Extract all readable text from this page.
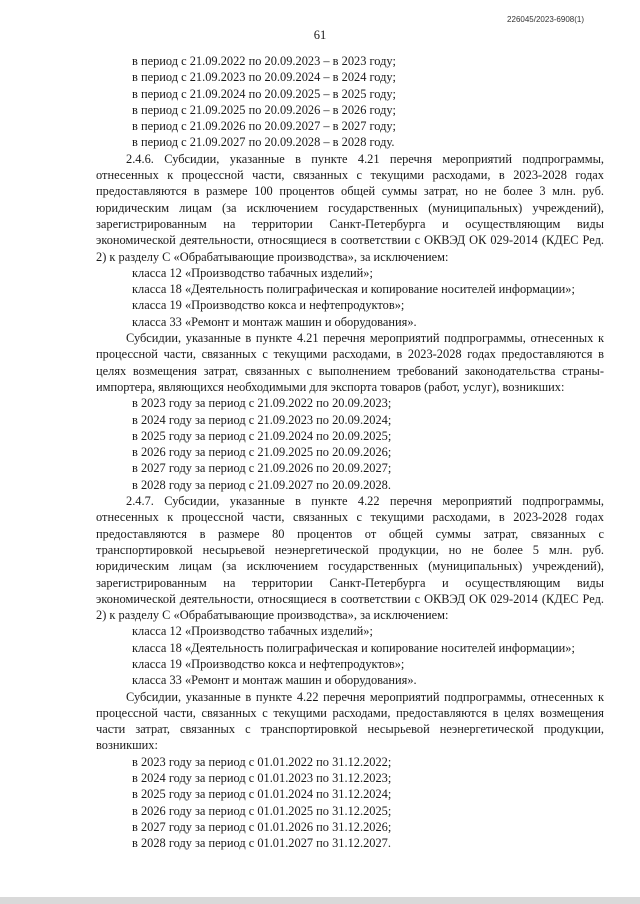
226045/2023-6908(1)
61

в период с 21.09.2022 по 20.09.2023 – в 2023 году;

в период с 21.09.2023 по 20.09.2024 – в 2024 году;

в период с 21.09.2024 по 20.09.2025 – в 2025 году;

в период с 21.09.2025 по 20.09.2026 – в 2026 году;

в период с 21.09.2026 по 20.09.2027 – в 2027 году;

в период с 21.09.2027 по 20.09.2028 – в 2028 году.

2.4.6. Субсидии, указанные в пункте 4.21 перечня мероприятий подпрограммы, отнесенных к процессной части, связанных с текущими расходами, в 2023-2028 годах предоставляются в размере 100 процентов общей суммы затрат, но не более 3 млн. руб. юридическим лицам (за исключением государственных (муниципальных) учреждений), зарегистрированным на территории Санкт-Петербурга и осуществляющим виды экономической деятельности, относящиеся в соответствии с ОКВЭД ОК 029-2014 (КДЕС Ред. 2) к разделу C «Обрабатывающие производства», за исключением:

класса 12 «Производство табачных изделий»;

класса 18 «Деятельность полиграфическая и копирование носителей информации»;

класса 19 «Производство кокса и нефтепродуктов»;

класса 33 «Ремонт и монтаж машин и оборудования».

Субсидии, указанные в пункте 4.21 перечня мероприятий подпрограммы, отнесенных к процессной части, связанных с текущими расходами, в 2023-2028 годах предоставляются в целях возмещения затрат, связанных с выполнением требований законодательства страны-импортера, являющихся необходимыми для экспорта товаров (работ, услуг), возникших:

в 2023 году за период с 21.09.2022 по 20.09.2023;

в 2024 году за период с 21.09.2023 по 20.09.2024;

в 2025 году за период с 21.09.2024 по 20.09.2025;

в 2026 году за период с 21.09.2025 по 20.09.2026;

в 2027 году за период с 21.09.2026 по 20.09.2027;

в 2028 году за период с 21.09.2027 по 20.09.2028.

2.4.7. Субсидии, указанные в пункте 4.22 перечня мероприятий подпрограммы, отнесенных к процессной части, связанных с текущими расходами, в 2023-2028 годах предоставляются в размере 80 процентов от общей суммы затрат, связанных с транспортировкой несырьевой неэнергетической продукции, но не более 5 млн. руб. юридическим лицам (за исключением государственных (муниципальных) учреждений), зарегистрированным на территории Санкт-Петербурга и осуществляющим виды экономической деятельности, относящиеся в соответствии с ОКВЭД ОК 029-2014 (КДЕС Ред. 2) к разделу C «Обрабатывающие производства», за исключением:

класса 12 «Производство табачных изделий»;

класса 18 «Деятельность полиграфическая и копирование носителей информации»;

класса 19 «Производство кокса и нефтепродуктов»;

класса 33 «Ремонт и монтаж машин и оборудования».

Субсидии, указанные в пункте 4.22 перечня мероприятий подпрограммы, отнесенных к процессной части, связанных с текущими расходами, предоставляются в целях возмещения части затрат, связанных с транспортировкой несырьевой неэнергетической продукции, возникших:

в 2023 году за период с 01.01.2022 по 31.12.2022;

в 2024 году за период с 01.01.2023 по 31.12.2023;

в 2025 году за период с 01.01.2024 по 31.12.2024;

в 2026 году за период с 01.01.2025 по 31.12.2025;

в 2027 году за период с 01.01.2026 по 31.12.2026;

в 2028 году за период с 01.01.2027 по 31.12.2027.
